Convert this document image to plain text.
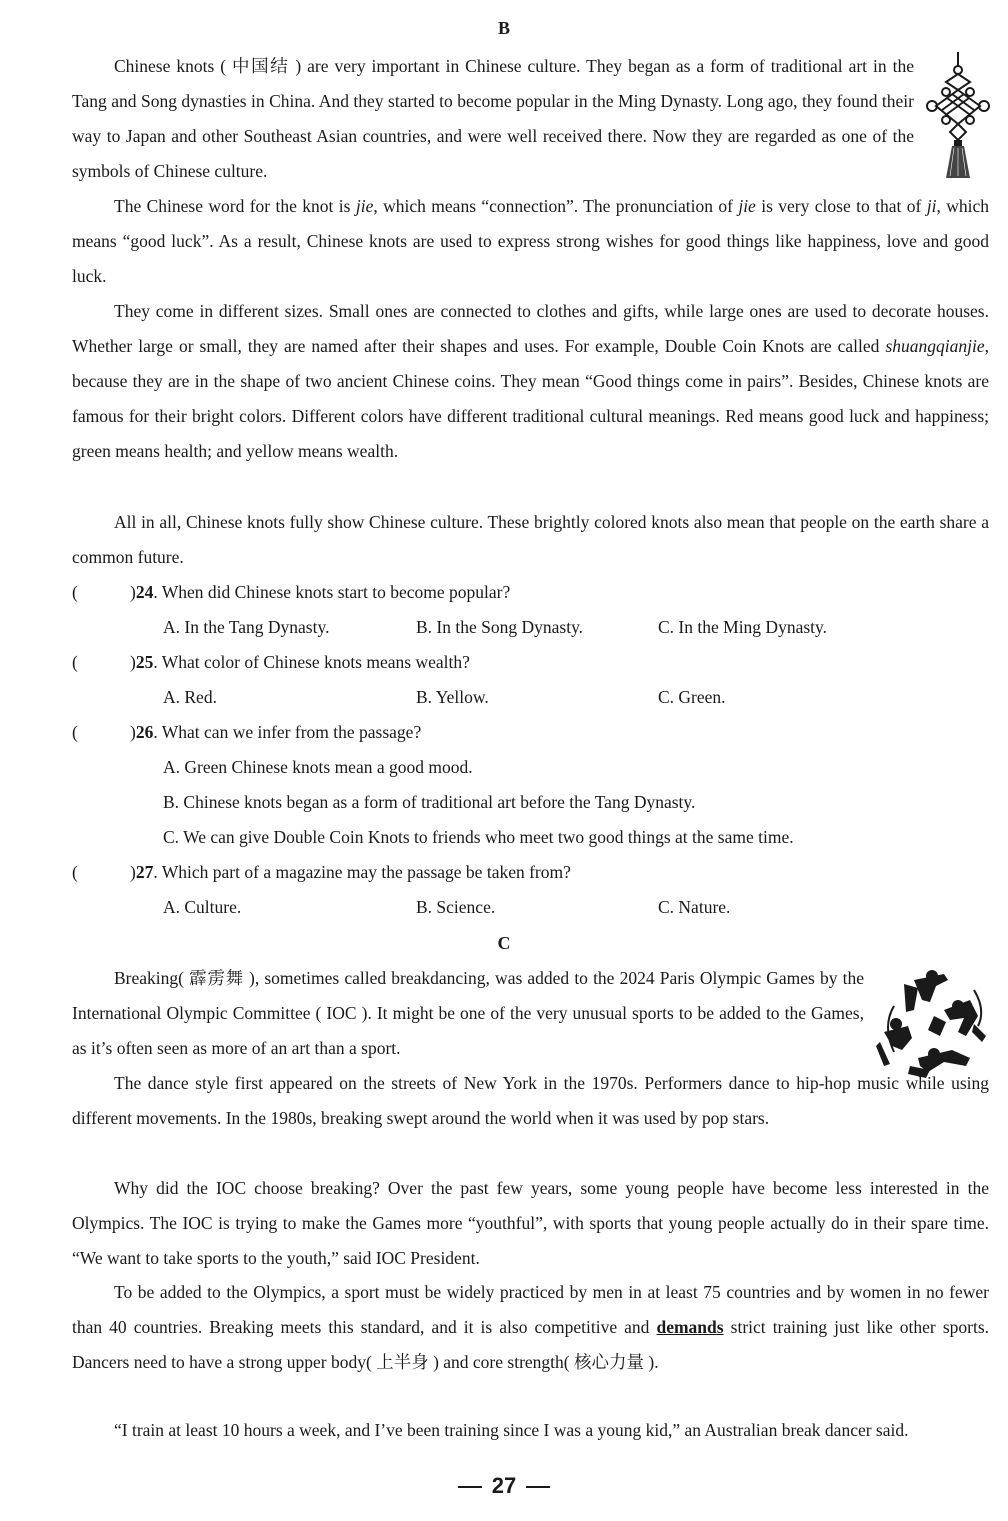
B

Chinese knots ( 中国结 ) are very important in Chinese culture. They began as a form of traditional art in the Tang and Song dynasties in China. And they started to become popular in the Ming Dynasty. Long ago, they found their way to Japan and other Southeast Asian countries, and were well received there. Now they are regarded as one of the symbols of Chinese culture.

The Chinese word for the knot is jie, which means “connection”. The pronunciation of jie is very close to that of ji, which means “good luck”. As a result, Chinese knots are used to express strong wishes for good things like happiness, love and good luck.

They come in different sizes. Small ones are connected to clothes and gifts, while large ones are used to decorate houses. Whether large or small, they are named after their shapes and uses. For example, Double Coin Knots are called shuangqianjie, because they are in the shape of two ancient Chinese coins. They mean “Good things come in pairs”. Besides, Chinese knots are famous for their bright colors. Different colors have different traditional cultural meanings. Red means good luck and happiness; green means health; and yellow means wealth.

All in all, Chinese knots fully show Chinese culture. These brightly colored knots also mean that people on the earth share a common future.

(	)24. When did Chinese knots start to become popular?
A. In the Tang Dynasty.	B. In the Song Dynasty.	C. In the Ming Dynasty.
(	)25. What color of Chinese knots means wealth?
A. Red.	B. Yellow.	C. Green.
(	)26. What can we infer from the passage?
A. Green Chinese knots mean a good mood.
B. Chinese knots began as a form of traditional art before the Tang Dynasty.
C. We can give Double Coin Knots to friends who meet two good things at the same time.
(	)27. Which part of a magazine may the passage be taken from?
A. Culture.	B. Science.	C. Nature.
C

Breaking( 霹雳舞 ), sometimes called breakdancing, was added to the 2024 Paris Olympic Games by the International Olympic Committee ( IOC ). It might be one of the very unusual sports to be added to the Games, as it’s often seen as more of an art than a sport.

The dance style first appeared on the streets of New York in the 1970s. Performers dance to hip-hop music while using different movements. In the 1980s, breaking swept around the world when it was used by pop stars.

Why did the IOC choose breaking? Over the past few years, some young people have become less interested in the Olympics. The IOC is trying to make the Games more “youthful”, with sports that young people actually do in their spare time. “We want to take sports to the youth,” said IOC President.

To be added to the Olympics, a sport must be widely practiced by men in at least 75 countries and by women in no fewer than 40 countries. Breaking meets this standard, and it is also competitive and demands strict training just like other sports. Dancers need to have a strong upper body( 上半身 ) and core strength( 核心力量 ).

“I train at least 10 hours a week, and I’ve been training since I was a young kid,” an Australian break dancer said.

27
